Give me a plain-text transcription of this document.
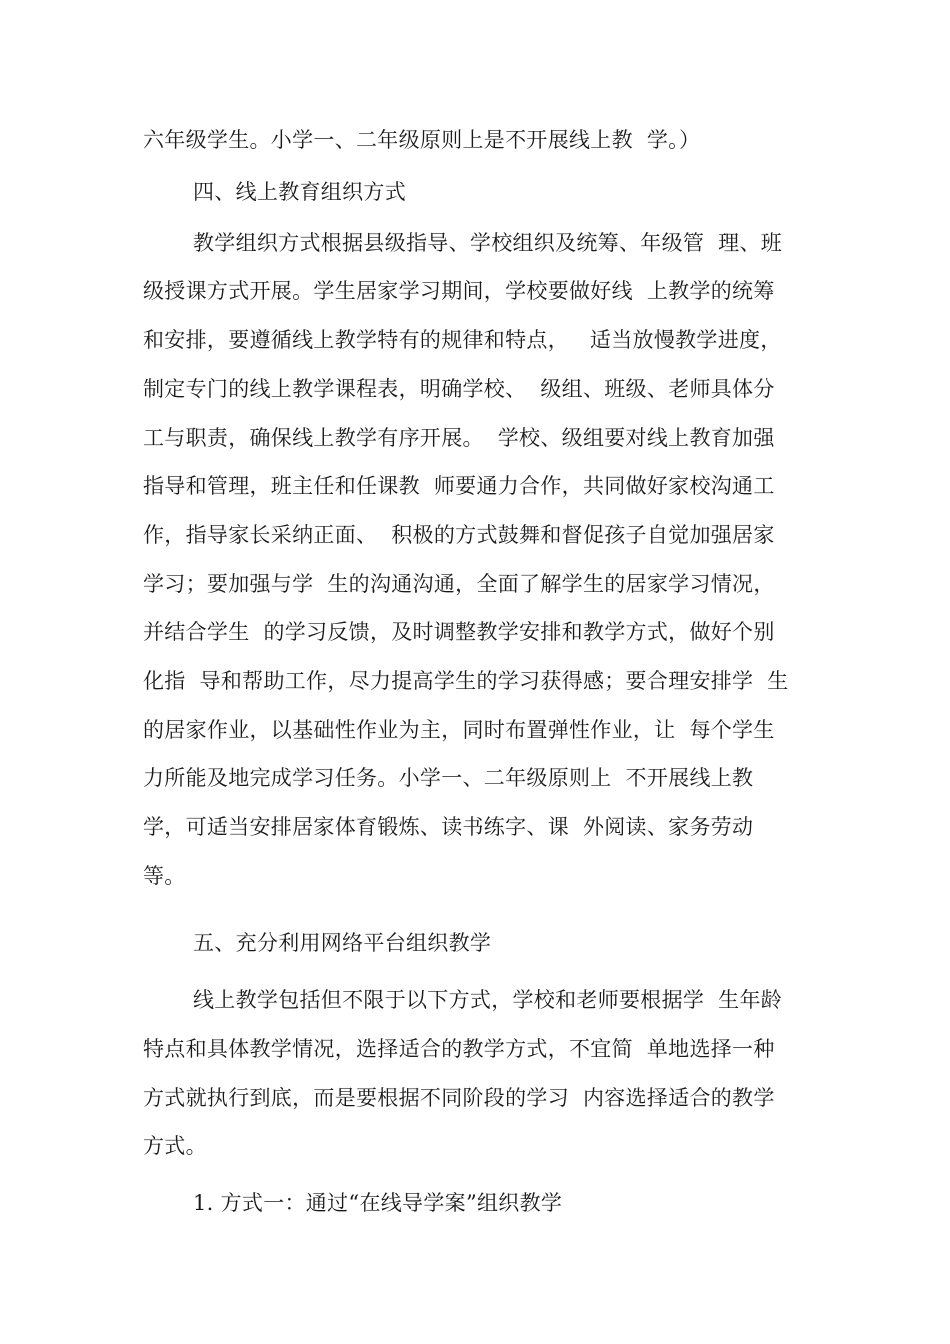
六年级学生。小学一、二年级原则上是不开展线上教  学。）
四、线上教育组织方式
教学组织方式根据县级指导、学校组织及统筹、年级管  理、班
级授课方式开展。学生居家学习期间，学校要做好线  上教学的统筹
和安排，要遵循线上教学特有的规律和特点，   适当放慢教学进度，
制定专门的线上教学课程表，明确学校、  级组、班级、老师具体分
工与职责，确保线上教学有序开展。  学校、级组要对线上教育加强
指导和管理，班主任和任课教  师要通力合作，共同做好家校沟通工
作，指导家长采纳正面、  积极的方式鼓舞和督促孩子自觉加强居家
学习；要加强与学  生的沟通沟通，全面了解学生的居家学习情况，
并结合学生  的学习反馈，及时调整教学安排和教学方式，做好个别
化指  导和帮助工作，尽力提高学生的学习获得感；要合理安排学  生
的居家作业，以基础性作业为主，同时布置弹性作业，让  每个学生
力所能及地完成学习任务。小学一、二年级原则上  不开展线上教
学，可适当安排居家体育锻炼、读书练字、课  外阅读、家务劳动
等。
五、充分利用网络平台组织教学
线上教学包括但不限于以下方式，学校和老师要根据学  生年龄
特点和具体教学情况，选择适合的教学方式，不宜简  单地选择一种
方式就执行到底，而是要根据不同阶段的学习  内容选择适合的教学
方式。
1. 方式一：通过“在线导学案”组织教学
